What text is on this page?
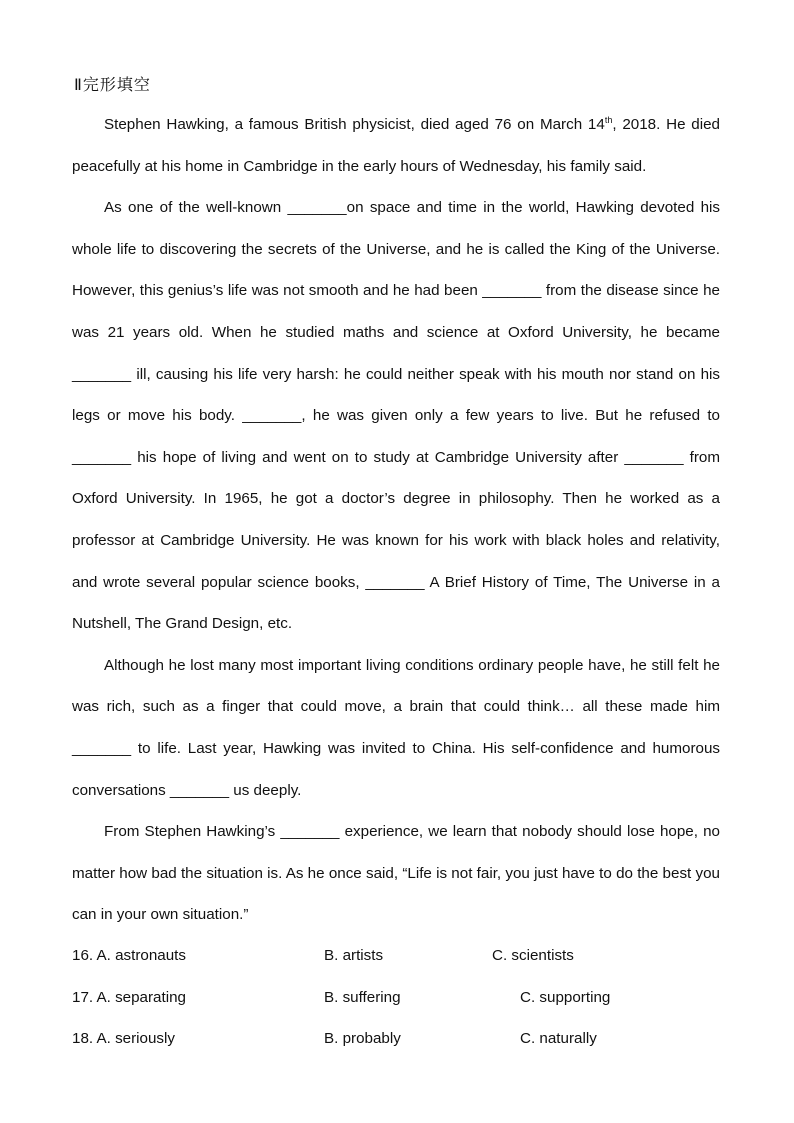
Ⅱ完形填空

Stephen Hawking, a famous British physicist, died aged 76 on March 14th, 2018. He died peacefully at his home in Cambridge in the early hours of Wednesday, his family said.

As one of the well-known _______on space and time in the world, Hawking devoted his whole life to discovering the secrets of the Universe, and he is called the King of the Universe. However, this genius’s life was not smooth and he had been _______ from the disease since he was 21 years old. When he studied maths and science at Oxford University, he became _______ ill, causing his life very harsh: he could neither speak with his mouth nor stand on his legs or move his body. _______, he was given only a few years to live. But he refused to _______ his hope of living and went on to study at Cambridge University after _______ from Oxford University. In 1965, he got a doctor’s degree in philosophy. Then he worked as a professor at Cambridge University. He was known for his work with black holes and relativity, and wrote several popular science books, _______ A Brief History of Time, The Universe in a Nutshell, The Grand Design, etc.

Although he lost many most important living conditions ordinary people have, he still felt he was rich, such as a finger that could move, a brain that could think… all these made him _______ to life. Last year, Hawking was invited to China. His self-confidence and humorous conversations _______ us deeply.

From Stephen Hawking’s _______ experience, we learn that nobody should lose hope, no matter how bad the situation is. As he once said, “Life is not fair, you just have to do the best you can in your own situation.”

16. A. astronauts	B. artists	C. scientists
17. A. separating	B. suffering	C. supporting
18. A. seriously	B. probably	C. naturally
